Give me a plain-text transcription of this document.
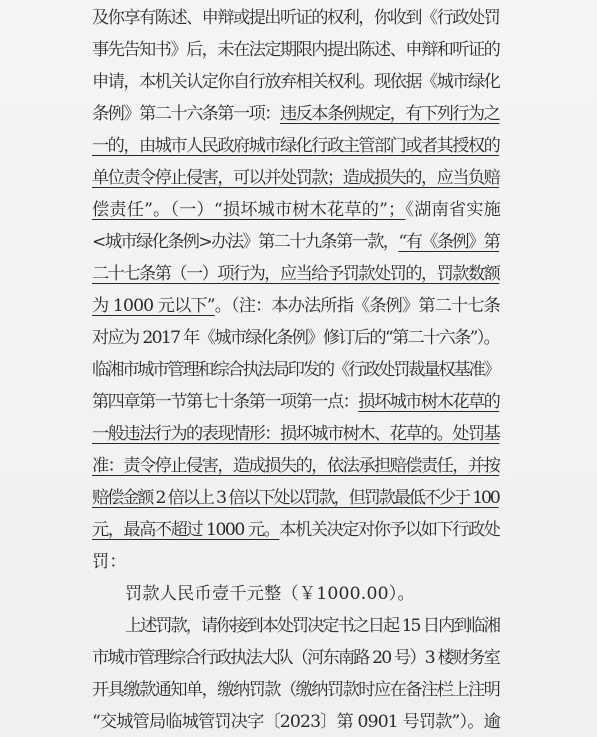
及你享有陈述、申辩或提出听证的权利，你收到《行政处罚
事先告知书》后，未在法定期限内提出陈述、申辩和听证的
申请，本机关认定你自行放弃相关权利。现依据《城市绿化
条例》第二十六条第一项：违反本条例规定，有下列行为之
一的，由城市人民政府城市绿化行政主管部门或者其授权的
单位责令停止侵害，可以并处罚款；造成损失的，应当负赔
偿责任”。（一）“损坏城市树木花草的”；《湖南省实施
<城市绿化条例>办法》第二十九条第一款，“有《条例》第
二十七条第（一）项行为，应当给予罚款处罚的，罚款数额
为 1000 元以下”。（注：本办法所指《条例》第二十七条
对应为 2017 年《城市绿化条例》修订后的“第二十六条”）。
临湘市城市管理和综合执法局印发的《行政处罚裁量权基准》
第四章第一节第七十条第一项第一点：损坏城市树木花草的
一般违法行为的表现情形：损坏城市树木、花草的。处罚基
准：责令停止侵害，造成损失的，依法承担赔偿责任，并按
赔偿金额 2 倍以上 3 倍以下处以罚款，但罚款最低不少于 100
元，最高不超过 1000 元。本机关决定对你予以如下行政处
罚：
罚款人民币壹千元整（￥1000.00）。
上述罚款，请你接到本处罚决定书之日起 15 日内到临湘
市城市管理综合行政执法大队（河东南路 20 号）3 楼财务室
开具缴款通知单，缴纳罚款（缴纳罚款时应在备注栏上注明
“交城管局临城管罚决字〔2023〕第 0901 号罚款”）。逾
